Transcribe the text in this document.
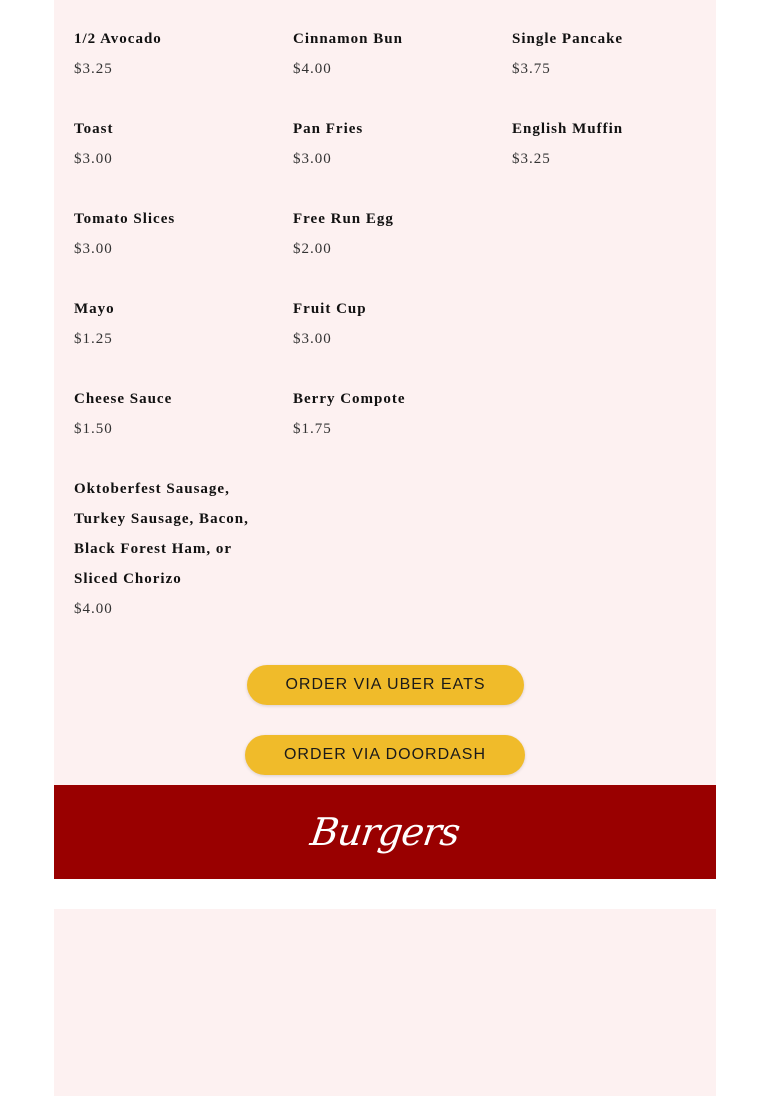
1/2 Avocado
$3.25
Toast
$3.00
Tomato Slices
$3.00
Mayo
$1.25
Cheese Sauce
$1.50
Oktoberfest Sausage, Turkey Sausage, Bacon, Black Forest Ham, or Sliced Chorizo
$4.00
Cinnamon Bun
$4.00
Pan Fries
$3.00
Free Run Egg
$2.00
Fruit Cup
$3.00
Berry Compote
$1.75
Single Pancake
$3.75
English Muffin
$3.25
ORDER VIA UBER EATS
ORDER VIA DOORDASH
Burgers
